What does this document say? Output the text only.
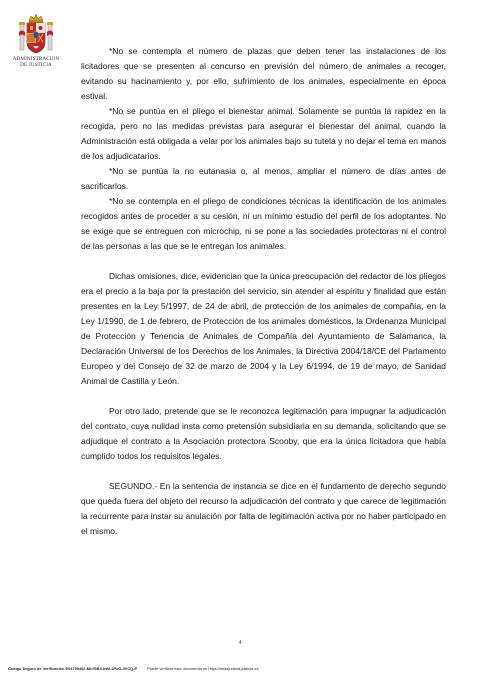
ADMINISTRACION
DE JUSTICIA

*No se contempla el número de plazas que deben tener las instalaciones de los licitadores que se presenten al concurso en previsión del número de animales a recoger, evitando su hacinamiento y, por ello, sufrimiento de los animales, especialmente en época estival.

*No se puntúa en el pliego el bienestar animal. Solamente se puntúa la rapidez en la recogida, pero no las medidas previstas para asegurar el bienestar del animal, cuando la Administración está obligada a velar por los animales bajo su tutela y no dejar el tema en manos de los adjudicatarios.

*No se puntúa la no eutanasia o, al menos, ampliar el número de días antes de sacrificarlos.

*No se contempla en el pliego de condiciones técnicas la identificación de los animales recogidos antes de proceder a su cesión, ni un mínimo estudio del perfil de los adoptantes. No se exige que se entreguen con microchip, ni se pone a las sociedades protectoras ni el control de las personas a las que se le entregan los animales.

Dichas omisiones, dice, evidencian que la única preocupación del redactor de los pliegos era el precio a la baja por la prestación del servicio, sin atender al espíritu y finalidad que están presentes en la Ley 5/1997, de 24 de abril, de protección de los animales de compañía, en la Ley 1/1990, de 1 de febrero, de Protección de los animales domésticos, la Ordenanza Municipal de Protección y Tenencia de Animales de Compañía del Ayuntamiento de Salamanca, la Declaración Universal de los Derechos de los Animales, la Directiva 2004/18/CE del Parlamento Europeo y del Consejo de 32 de marzo de 2004 y la Ley 6/1994, de 19 de mayo, de Sanidad Animal de Castilla y León.

Por otro lado, pretende que se le reconozca legitimación para impugnar la adjudicación del contrato, cuya nulidad insta como pretensión subsidiaria en su demanda, solicitando que se adjudique el contrato a la Asociación protectora Scooby, que era la única licitadora que había cumplido todos los requisitos legales.

SEGUNDO.- En la sentencia de instancia se dice en el fundamento de derecho segundo que queda fuera del objeto del recurso la adjudicación del contrato y que carece de legitimación la recurrente para instar su anulación por falta de legitimación activa por no haber participado en el mismo.

4
Código Seguro de Verificación E04799402-MI:fGB3-bWi-2PcO-4VCQ-P	Puede verificar este documento en https://sedejudicial.justicia.es
